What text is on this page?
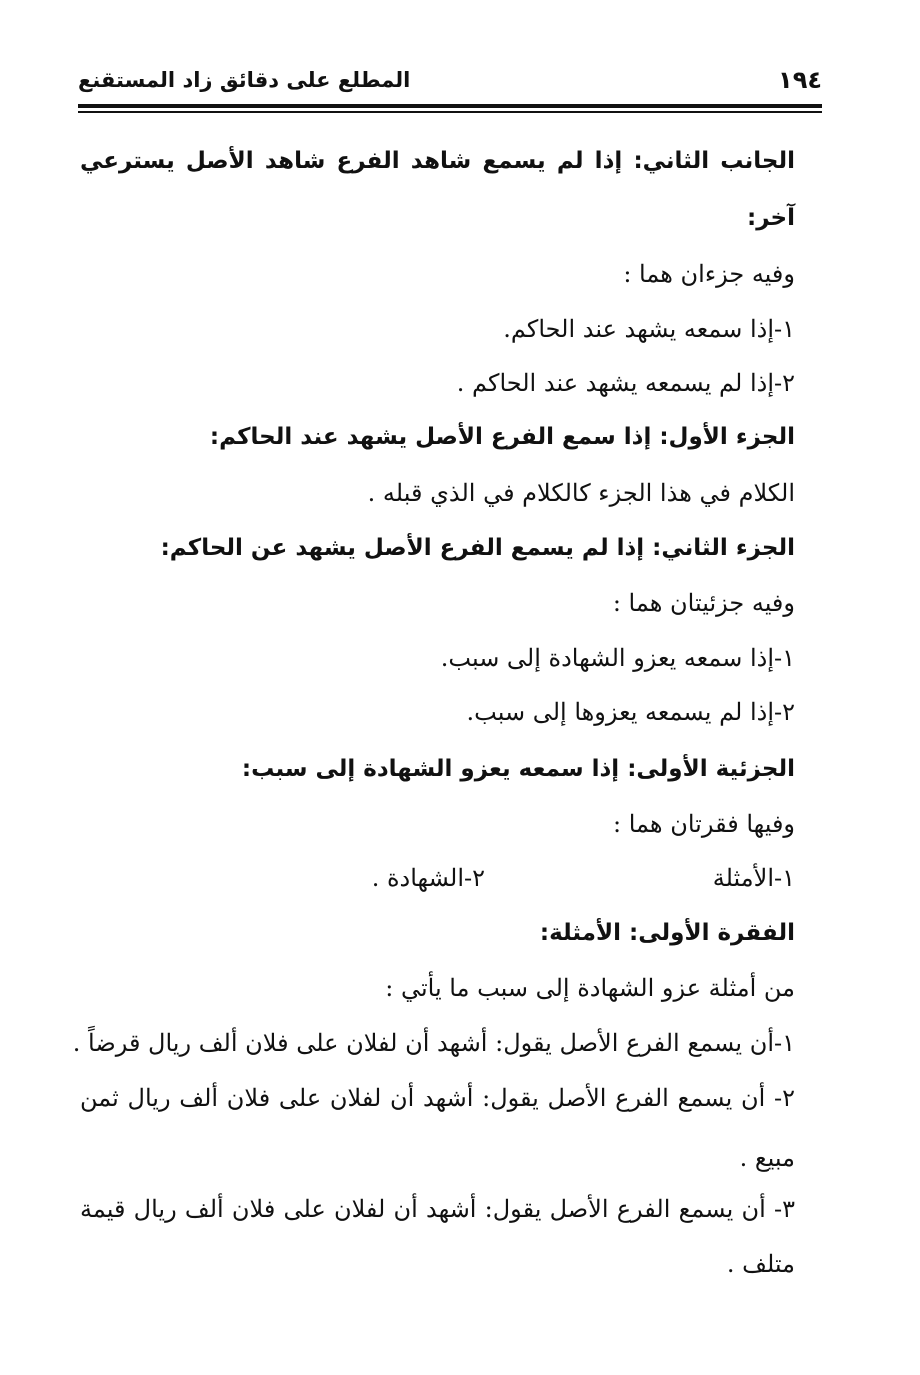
١٩٤
المطلع على دقائق زاد المستقنع
الجانب الثاني: إذا لم يسمع شاهد الفرع شاهد الأصل يسترعي
آخر:
وفيه جزءان هما :
١-إذا سمعه يشهد عند الحاكم.
٢-إذا لم يسمعه يشهد عند الحاكم .
الجزء الأول: إذا سمع الفرع الأصل يشهد عند الحاكم:
الكلام في هذا الجزء كالكلام في الذي قبله .
الجزء الثاني: إذا لم يسمع الفرع الأصل يشهد عن الحاكم:
وفيه جزئيتان هما :
١-إذا سمعه يعزو الشهادة إلى سبب.
٢-إذا لم يسمعه يعزوها إلى سبب.
الجزئية الأولى: إذا سمعه يعزو الشهادة إلى سبب:
وفيها فقرتان هما :
١-الأمثلة
٢-الشهادة .
الفقرة الأولى: الأمثلة:
من أمثلة عزو الشهادة إلى سبب ما يأتي :
١-أن يسمع الفرع الأصل يقول: أشهد أن لفلان على فلان ألف ريال قرضاً .
٢- أن يسمع الفرع الأصل يقول: أشهد أن لفلان على فلان ألف ريال ثمن
مبيع .
٣- أن يسمع الفرع الأصل يقول: أشهد أن لفلان على فلان ألف ريال قيمة
متلف .
